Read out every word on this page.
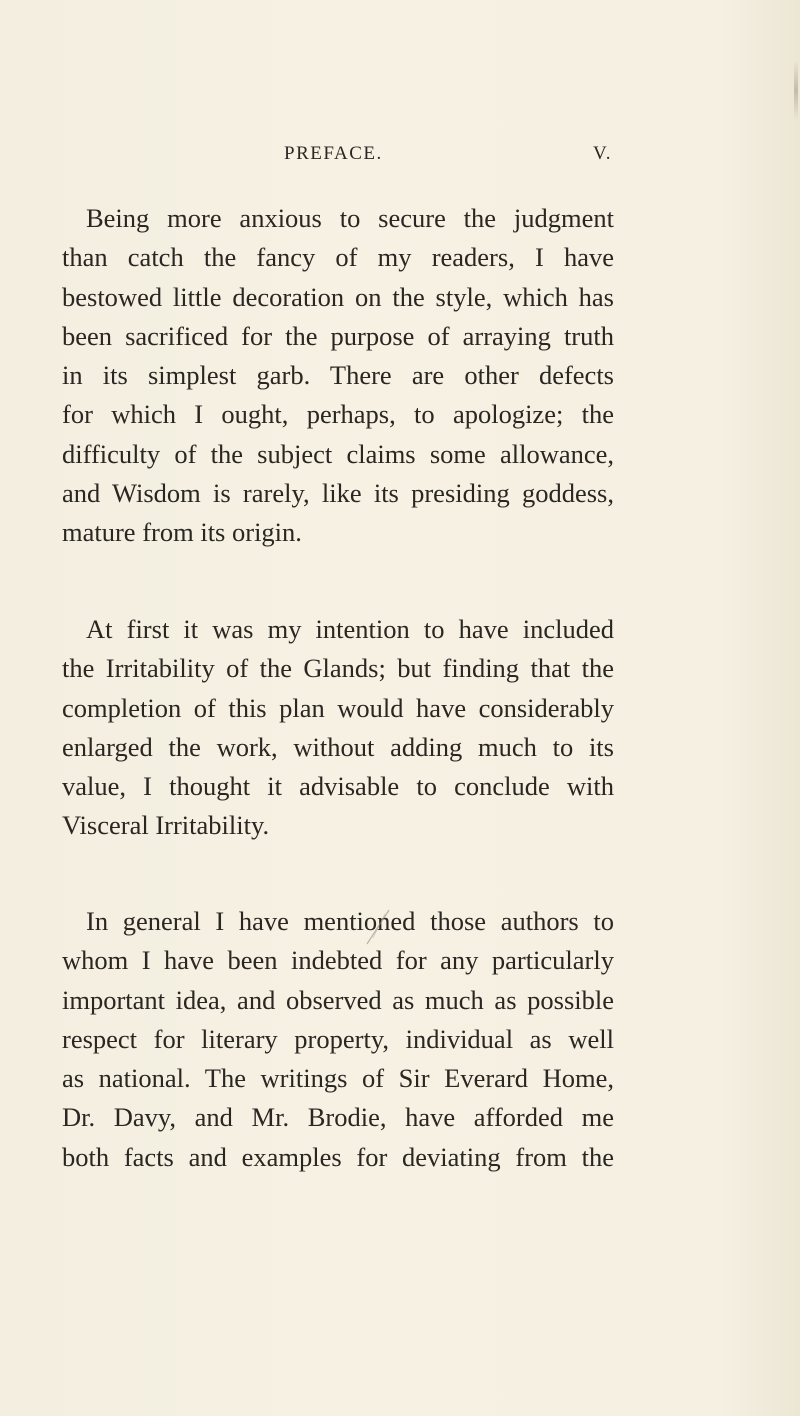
PREFACE.	V.
Being more anxious to secure the judgment
than catch the fancy of my readers, I have
bestowed little decoration on the style, which has
been sacrificed for the purpose of arraying truth
in its simplest garb. There are other defects
for which I ought, perhaps, to apologize; the
difficulty of the subject claims some allowance,
and Wisdom is rarely, like its presiding goddess,
mature from its origin.
At first it was my intention to have included
the Irritability of the Glands; but finding that the
completion of this plan would have considerably
enlarged the work, without adding much to its
value, I thought it advisable to conclude with
Visceral Irritability.
In general I have mentioned those authors to
whom I have been indebted for any particularly
important idea, and observed as much as possible
respect for literary property, individual as well
as national. The writings of Sir Everard Home,
Dr. Davy, and Mr. Brodie, have afforded me
both facts and examples for deviating from the
